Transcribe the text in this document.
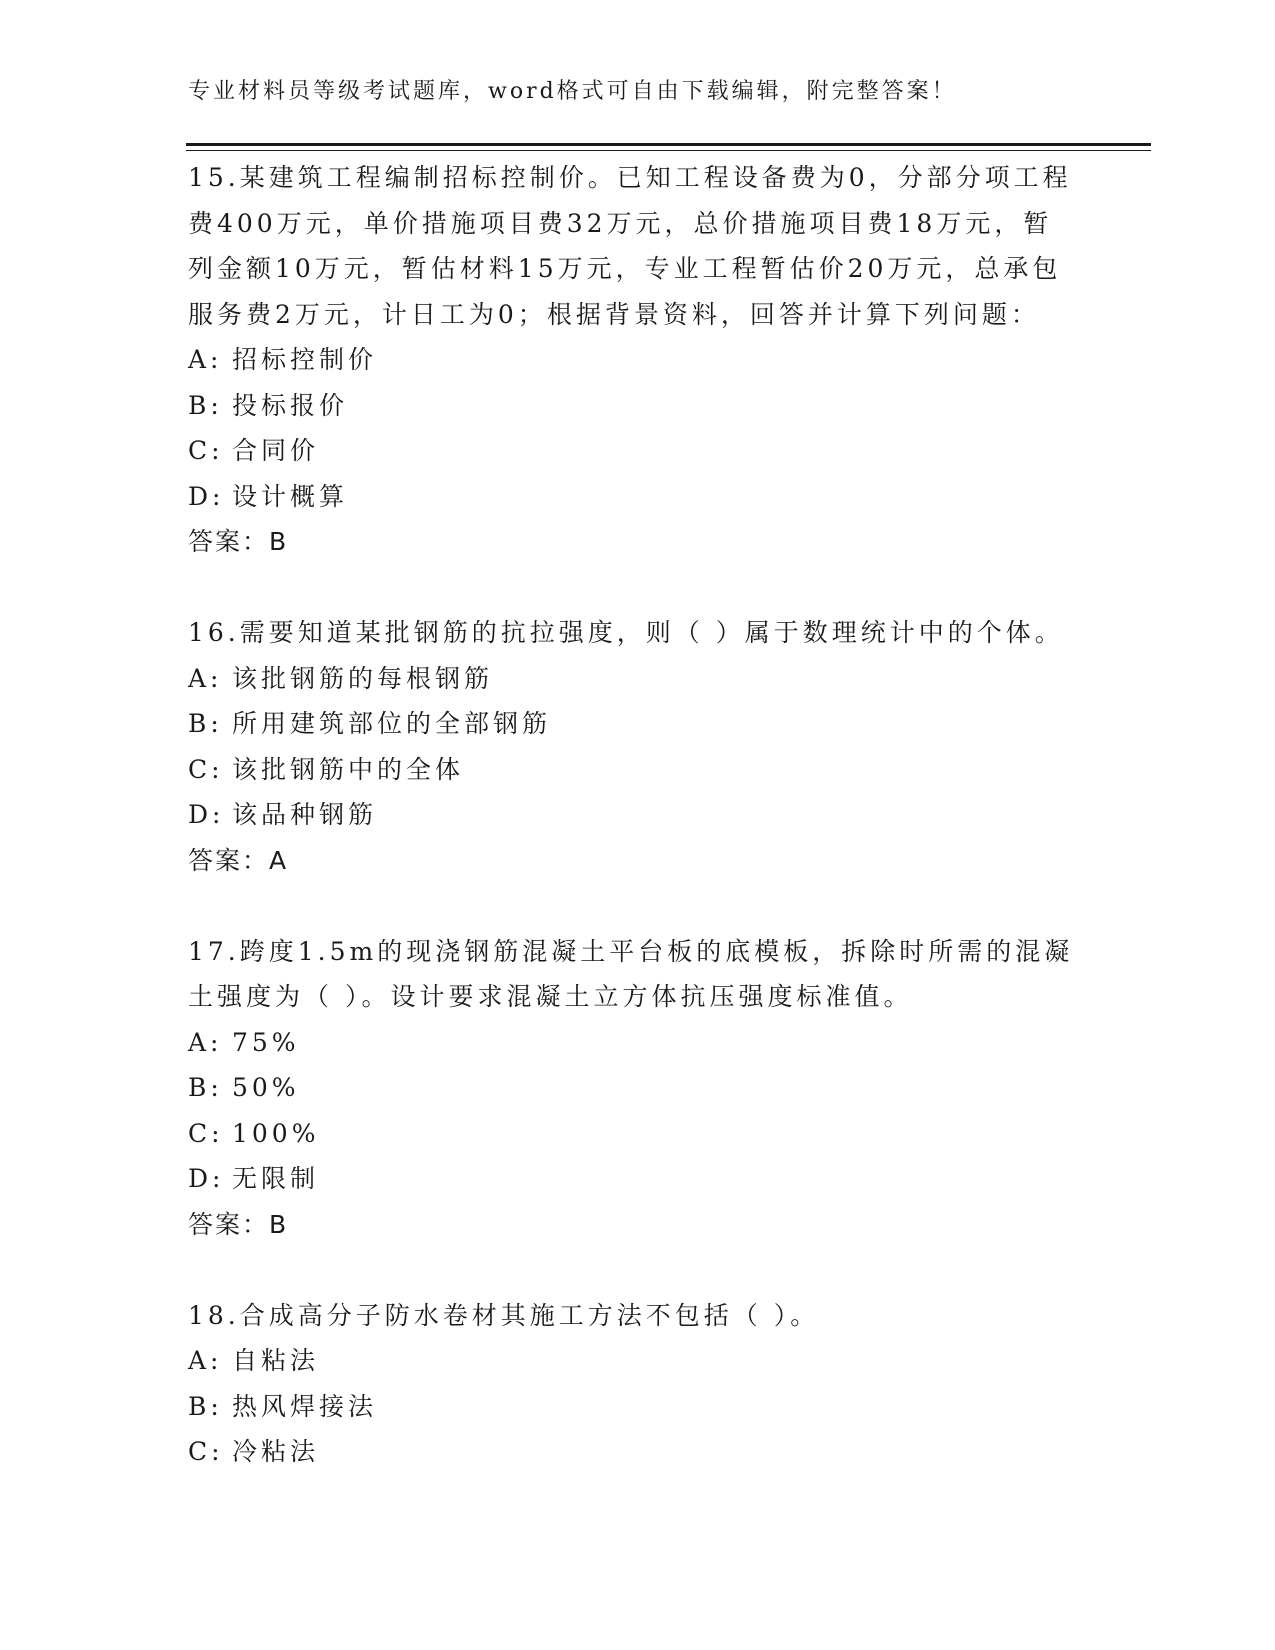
专业材料员等级考试题库，word格式可自由下载编辑，附完整答案！
15.某建筑工程编制招标控制价。已知工程设备费为0，分部分项工程
费400万元，单价措施项目费32万元，总价措施项目费18万元，暂
列金额10万元，暂估材料15万元，专业工程暂估价20万元，总承包
服务费2万元，计日工为0；根据背景资料，回答并计算下列问题：
A: 招标控制价
B: 投标报价
C: 合同价
D: 设计概算
答案：B
16.需要知道某批钢筋的抗拉强度，则（ ）属于数理统计中的个体。
A: 该批钢筋的每根钢筋
B: 所用建筑部位的全部钢筋
C: 该批钢筋中的全体
D: 该品种钢筋
答案：A
17.跨度1.5m的现浇钢筋混凝土平台板的底模板，拆除时所需的混凝
土强度为（ ）。设计要求混凝土立方体抗压强度标准值。
A: 75%
B: 50%
C: 100%
D: 无限制
答案：B
18.合成高分子防水卷材其施工方法不包括（ ）。
A: 自粘法
B: 热风焊接法
C: 冷粘法
